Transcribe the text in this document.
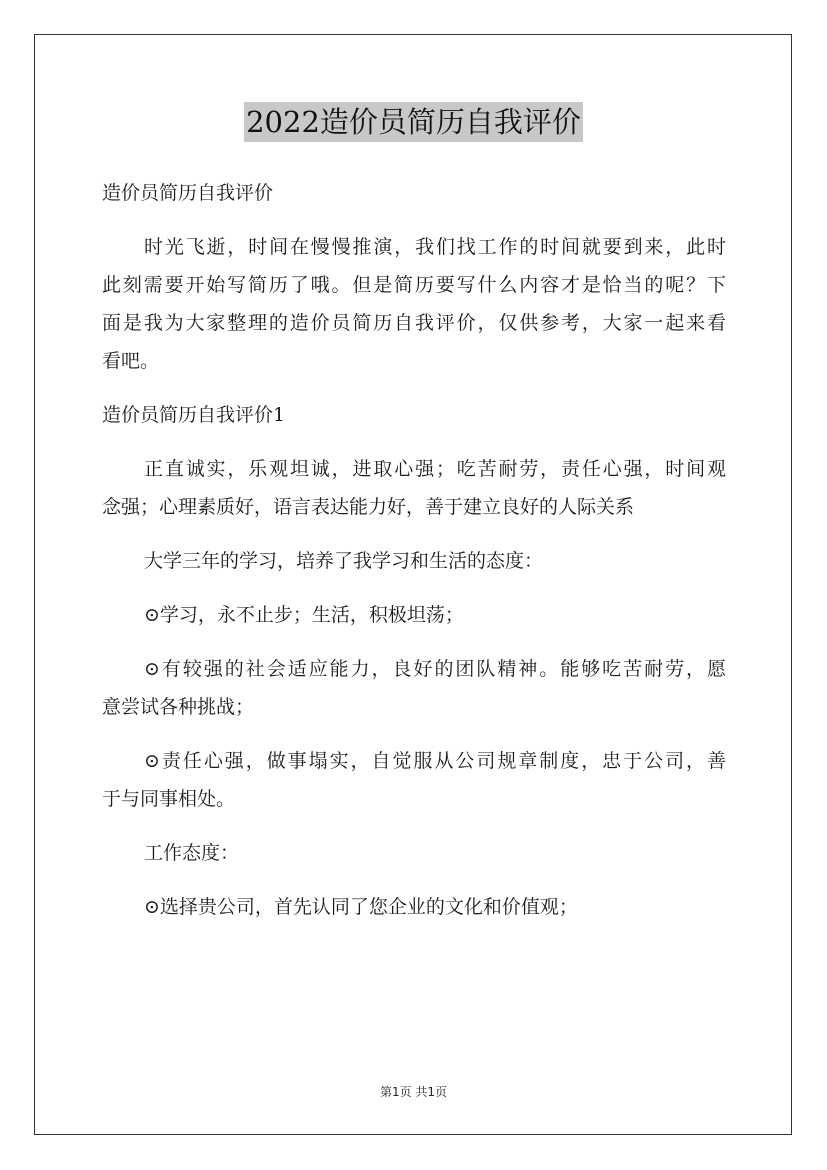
2022造价员简历自我评价
造价员简历自我评价
时光飞逝，时间在慢慢推演，我们找工作的时间就要到来，此时
此刻需要开始写简历了哦。但是简历要写什么内容才是恰当的呢？下
面是我为大家整理的造价员简历自我评价，仅供参考，大家一起来看
看吧。
造价员简历自我评价1
正直诚实，乐观坦诚，进取心强；吃苦耐劳，责任心强，时间观
念强；心理素质好，语言表达能力好，善于建立良好的人际关系
大学三年的学习，培养了我学习和生活的态度：
⊙学习，永不止步；生活，积极坦荡；
⊙有较强的社会适应能力，良好的团队精神。能够吃苦耐劳，愿
意尝试各种挑战；
⊙责任心强，做事塌实，自觉服从公司规章制度，忠于公司，善
于与同事相处。
工作态度：
⊙选择贵公司，首先认同了您企业的文化和价值观；
第1页 共1页
